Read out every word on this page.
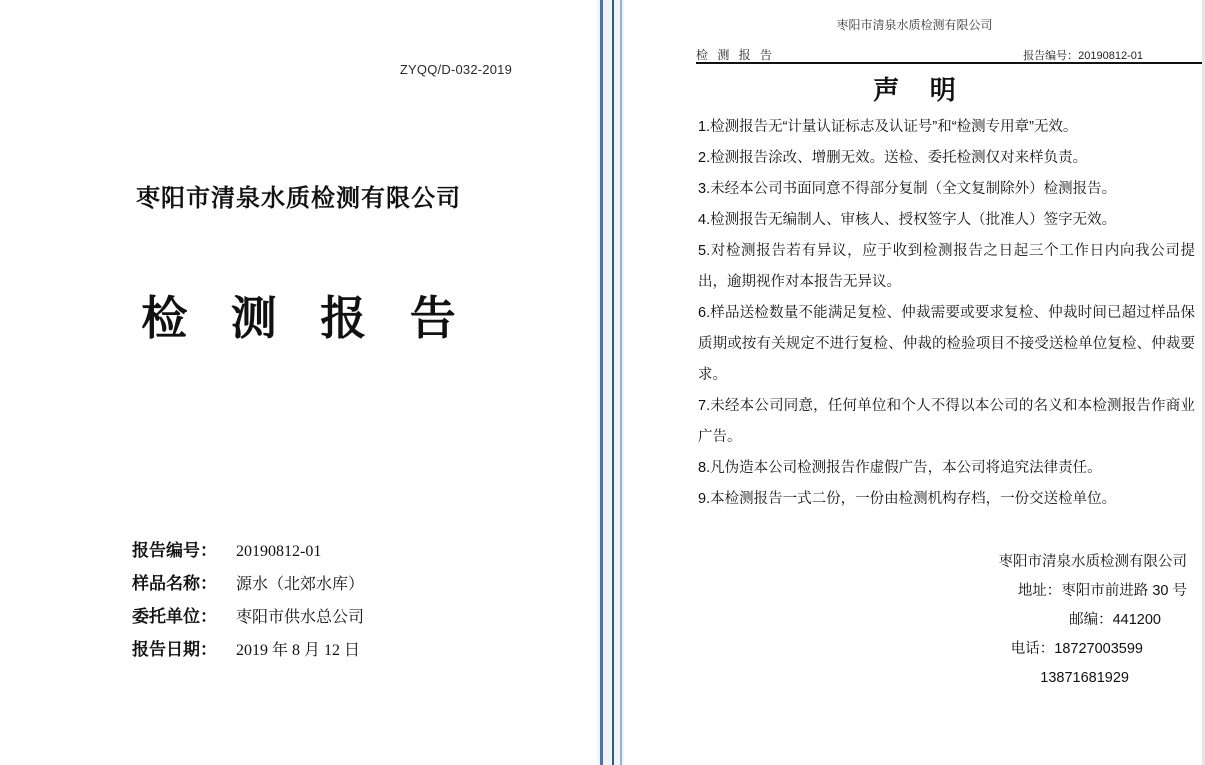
ZYQQ/D-032-2019
枣阳市清泉水质检测有限公司
检 测 报 告
报告编号：	20190812-01
样品名称：	源水（北郊水库）
委托单位：	枣阳市供水总公司
报告日期：	2019 年 8 月 12 日
枣阳市清泉水质检测有限公司
检 测 报 告	报告编号：20190812-01
声 明
1.检测报告无“计量认证标志及认证号”和“检测专用章”无效。
2.检测报告涂改、增删无效。送检、委托检测仅对来样负责。
3.未经本公司书面同意不得部分复制（全文复制除外）检测报告。
4.检测报告无编制人、审核人、授权签字人（批准人）签字无效。
5.对检测报告若有异议，应于收到检测报告之日起三个工作日内向我公司提出，逾期视作对本报告无异议。
6.样品送检数量不能满足复检、仲裁需要或要求复检、仲裁时间已超过样品保质期或按有关规定不进行复检、仲裁的检验项目不接受送检单位复检、仲裁要求。
7.未经本公司同意，任何单位和个人不得以本公司的名义和本检测报告作商业广告。
8.凡伪造本公司检测报告作虚假广告，本公司将追究法律责任。
9.本检测报告一式二份，一份由检测机构存档，一份交送检单位。
枣阳市清泉水质检测有限公司
地址：枣阳市前进路 30 号
邮编：441200
电话：18727003599
13871681929
